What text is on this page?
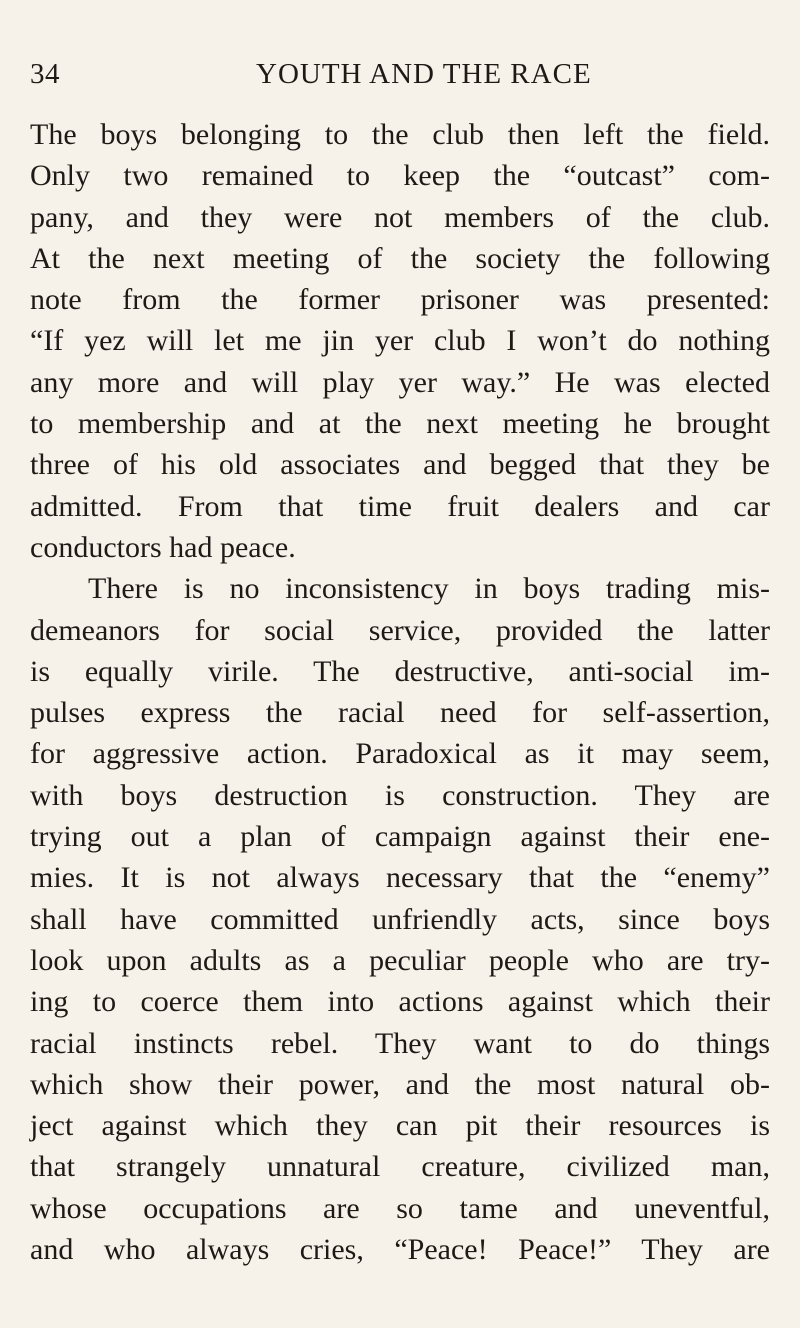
34	YOUTH AND THE RACE
The boys belonging to the club then left the field.
Only two remained to keep the “outcast” com-
pany, and they were not members of the club.
At the next meeting of the society the following
note from the former prisoner was presented:
“If yez will let me jin yer club I won’t do nothing
any more and will play yer way.” He was elected
to membership and at the next meeting he brought
three of his old associates and begged that they be
admitted. From that time fruit dealers and car
conductors had peace.
There is no inconsistency in boys trading mis-
demeanors for social service, provided the latter
is equally virile. The destructive, anti-social im-
pulses express the racial need for self-assertion,
for aggressive action. Paradoxical as it may seem,
with boys destruction is construction. They are
trying out a plan of campaign against their ene-
mies. It is not always necessary that the “enemy”
shall have committed unfriendly acts, since boys
look upon adults as a peculiar people who are try-
ing to coerce them into actions against which their
racial instincts rebel. They want to do things
which show their power, and the most natural ob-
ject against which they can pit their resources is
that strangely unnatural creature, civilized man,
whose occupations are so tame and uneventful,
and who always cries, “Peace! Peace!” They are
